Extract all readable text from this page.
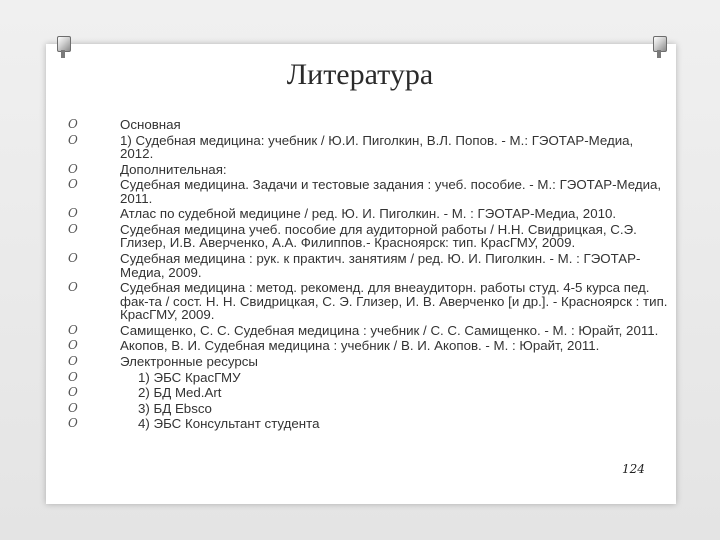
Литература
O	Основная
O	1) Судебная медицина: учебник / Ю.И. Пиголкин, В.Л. Попов. - М.: ГЭОТАР-Медиа, 2012.
O	Дополнительная:
O	Судебная медицина. Задачи и тестовые задания : учеб. пособие. - М.: ГЭОТАР-Медиа, 2011.
O	Атлас по судебной медицине / ред. Ю. И. Пиголкин. - М. : ГЭОТАР-Медиа, 2010.
O	Судебная медицина учеб. пособие для аудиторной работы / Н.Н. Свидрицкая, С.Э. Глизер, И.В. Аверченко, А.А. Филиппов.- Красноярск: тип. КрасГМУ, 2009.
O	Судебная медицина : рук. к практич. занятиям / ред. Ю. И. Пиголкин. - М. : ГЭОТАР-Медиа, 2009.
O	Судебная медицина : метод. рекоменд. для внеаудиторн. работы студ. 4-5 курса пед. фак-та / сост. Н. Н. Свидрицкая, С. Э. Глизер, И. В. Аверченко [и др.]. - Красноярск : тип. КрасГМУ, 2009.
O	Самищенко, С. С. Судебная медицина : учебник / С. С. Самищенко. - М. : Юрайт, 2011.
O	Акопов, В. И. Судебная медицина : учебник / В. И. Акопов. - М. : Юрайт, 2011.
O	Электронные ресурсы
O	1) ЭБС КрасГМУ
O	2) БД Med.Art
O	3) БД Ebsco
O	4) ЭБС Консультант студента
124
